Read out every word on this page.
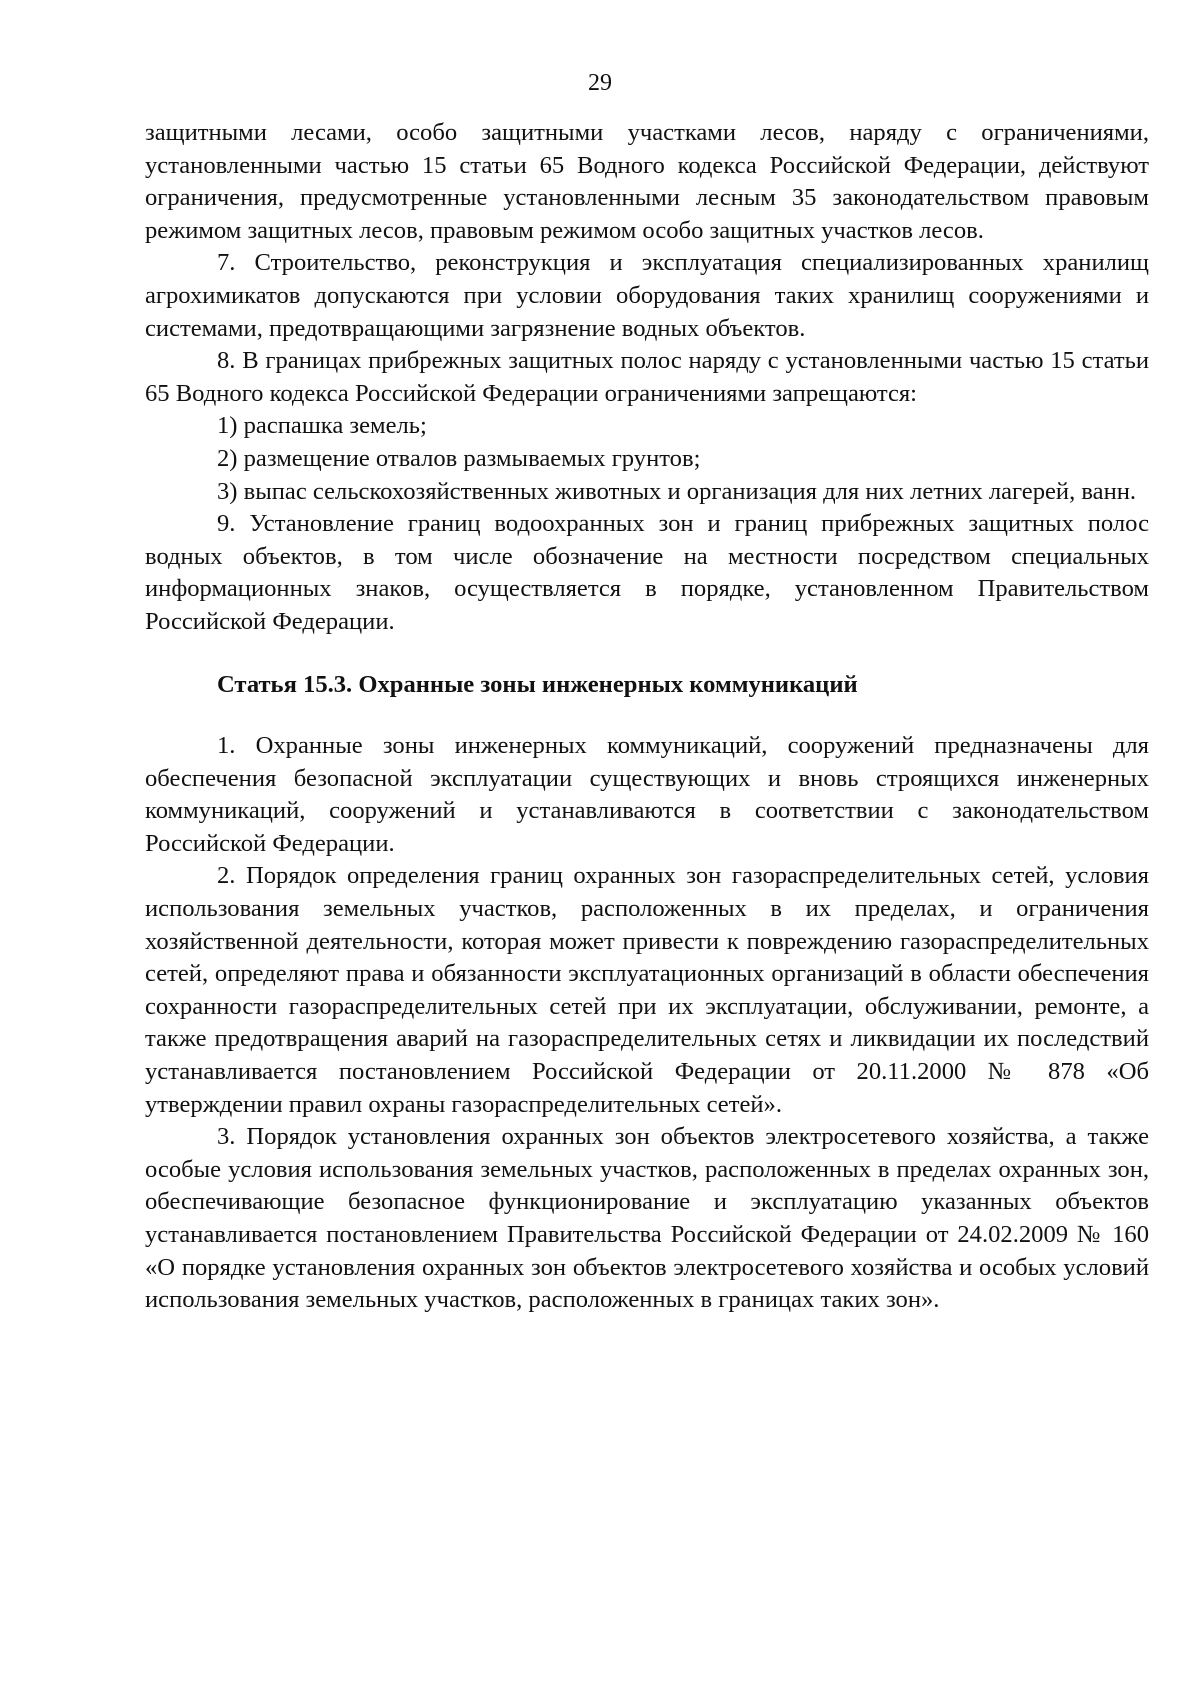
29

защитными лесами, особо защитными участками лесов, наряду с ограничениями, установленными частью 15 статьи 65 Водного кодекса Российской Федерации, действуют ограничения, предусмотренные установленными лесным 35 законодательством правовым режимом защитных лесов, правовым режимом особо защитных участков лесов.

7. Строительство, реконструкция и эксплуатация специализированных хранилищ агрохимикатов допускаются при условии оборудования таких хранилищ сооружениями и системами, предотвращающими загрязнение водных объектов.

8. В границах прибрежных защитных полос наряду с установленными частью 15 статьи 65 Водного кодекса Российской Федерации ограничениями запрещаются:

1) распашка земель;

2) размещение отвалов размываемых грунтов;

3) выпас сельскохозяйственных животных и организация для них летних лагерей, ванн.

9. Установление границ водоохранных зон и границ прибрежных защитных полос водных объектов, в том числе обозначение на местности посредством специальных информационных знаков, осуществляется в порядке, установленном Правительством Российской Федерации.

Статья 15.3. Охранные зоны инженерных коммуникаций

1. Охранные зоны инженерных коммуникаций, сооружений предназначены для обеспечения безопасной эксплуатации существующих и вновь строящихся инженерных коммуникаций, сооружений и устанавливаются в соответствии с законодательством Российской Федерации.

2. Порядок определения границ охранных зон газораспределительных сетей, условия использования земельных участков, расположенных в их пределах, и ограничения хозяйственной деятельности, которая может привести к повреждению газораспределительных сетей, определяют права и обязанности эксплуатационных организаций в области обеспечения сохранности газораспределительных сетей при их эксплуатации, обслуживании, ремонте, а также предотвращения аварий на газораспределительных сетях и ликвидации их последствий устанавливается постановлением Российской Федерации от 20.11.2000 № 878 «Об утверждении правил охраны газораспределительных сетей».

3. Порядок установления охранных зон объектов электросетевого хозяйства, а также особые условия использования земельных участков, расположенных в пределах охранных зон, обеспечивающие безопасное функционирование и эксплуатацию указанных объектов устанавливается постановлением Правительства Российской Федерации от 24.02.2009 № 160 «О порядке установления охранных зон объектов электросетевого хозяйства и особых условий использования земельных участков, расположенных в границах таких зон».
